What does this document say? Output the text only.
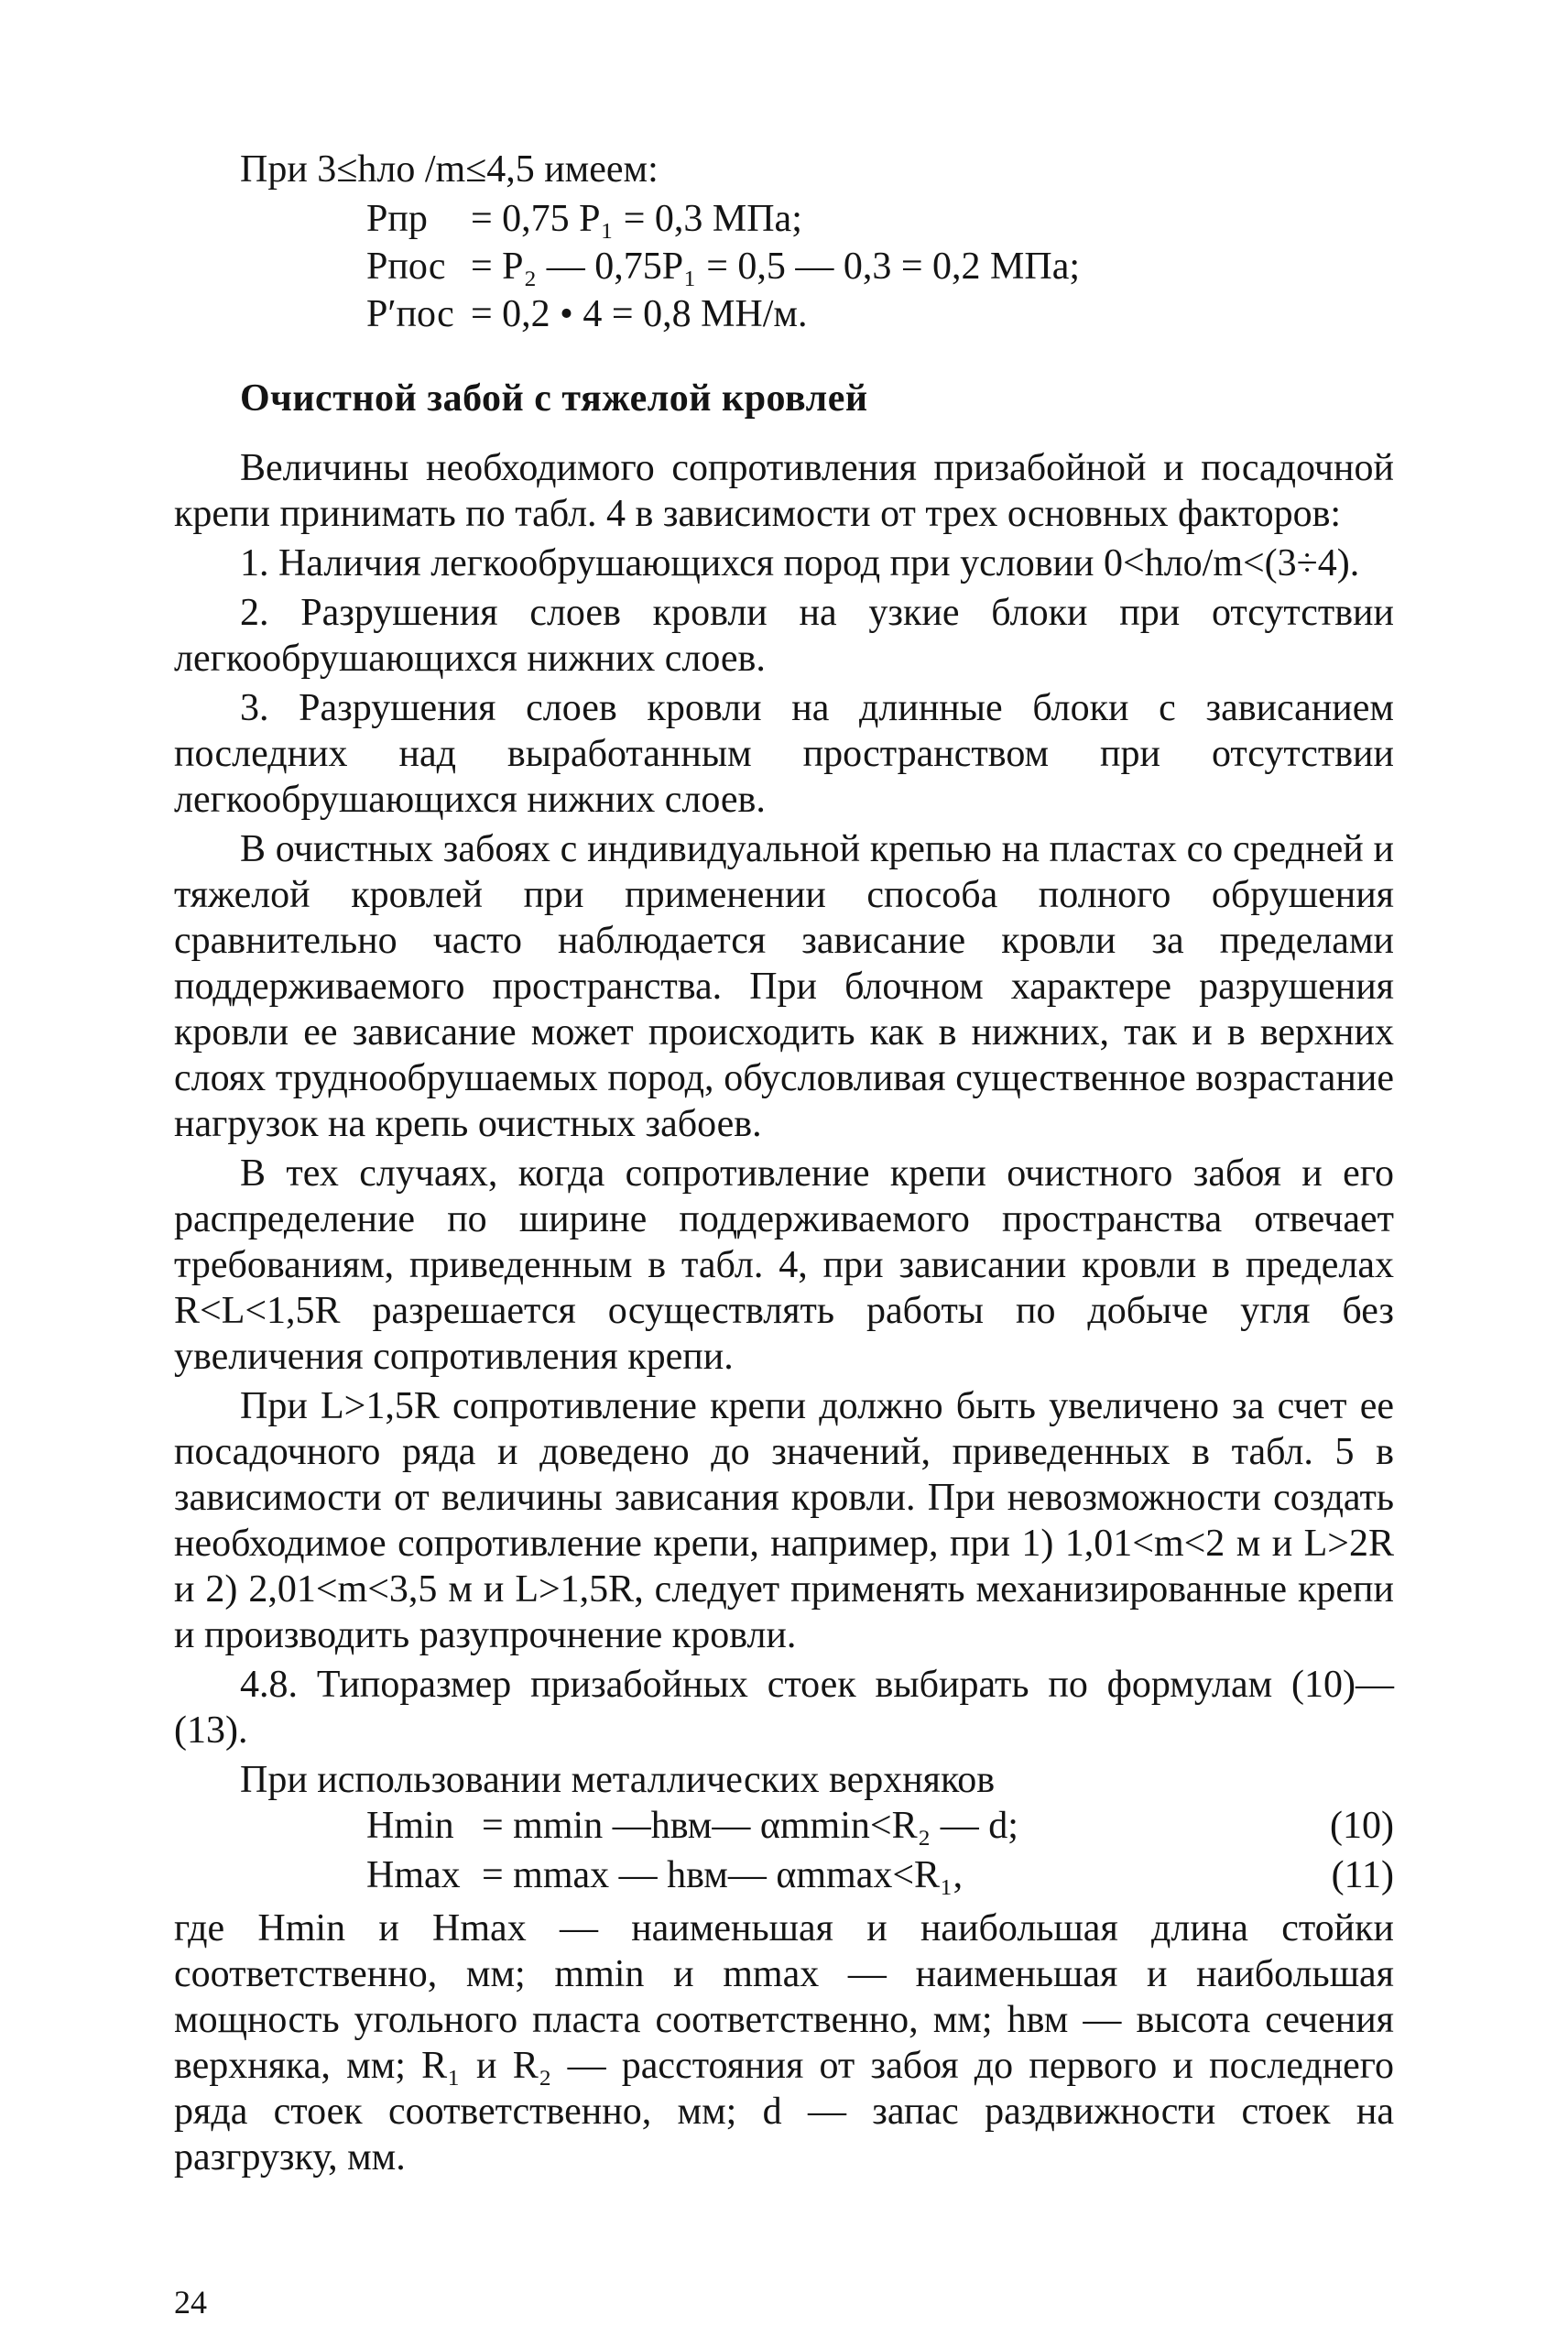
При 3≤hло /m≤4,5 имеем:

Pпр	= 0,75 P₁ = 0,3 МПа;
Pпос = P₂ — 0,75P₁ = 0,5 — 0,3 = 0,2 МПа;
P′пос = 0,2 • 4 = 0,8 МН/м.

Очистной забой с тяжелой кровлей

Величины необходимого сопротивления призабойной и посадочной крепи принимать по табл. 4 в зависимости от трех основных факторов:

1. Наличия легкообрушающихся пород при условии 0<hло/m<(3÷4).

2. Разрушения слоев кровли на узкие блоки при отсутствии легкообрушающихся нижних слоев.

3. Разрушения слоев кровли на длинные блоки с зависанием последних над выработанным пространством при отсутствии легкообрушающихся нижних слоев.

В очистных забоях с индивидуальной крепью на пластах со средней и тяжелой кровлей при применении способа полного обрушения сравнительно часто наблюдается зависание кровли за пределами поддерживаемого пространства. При блочном характере разрушения кровли ее зависание может происходить как в нижних, так и в верхних слоях труднообрушаемых пород, обусловливая существенное возрастание нагрузок на крепь очистных забоев.

В тех случаях, когда сопротивление крепи очистного забоя и его распределение по ширине поддерживаемого пространства отвечает требованиям, приведенным в табл. 4, при зависании кровли в пределах R<L<1,5R разрешается осуществлять работы по добыче угля без увеличения сопротивления крепи.

При L>1,5R сопротивление крепи должно быть увеличено за счет ее посадочного ряда и доведено до значений, приведенных в табл. 5 в зависимости от величины зависания кровли. При невозможности создать необходимое сопротивление крепи, например, при 1) 1,01<m<2 м и L>2R и 2) 2,01<m<3,5 м и L>1,5R, следует применять механизированные крепи и производить разупрочнение кровли.

4.8. Типоразмер призабойных стоек выбирать по формулам (10)—(13).

При использовании металлических верхняков

Hmin = mmin —hвм— αmmin<R₂ — d;	(10)
Hmax = mmax — hвм— αmmax<R₁,	(11)

где Hmin и Hmax — наименьшая и наибольшая длина стойки соответственно, мм; mmin и mmax — наименьшая и наибольшая мощность угольного пласта соответственно, мм; hвм — высота сечения верхняка, мм; R₁ и R₂ — расстояния от забоя до первого и последнего ряда стоек соответственно, мм; d — запас раздвижности стоек на разгрузку, мм.

24
